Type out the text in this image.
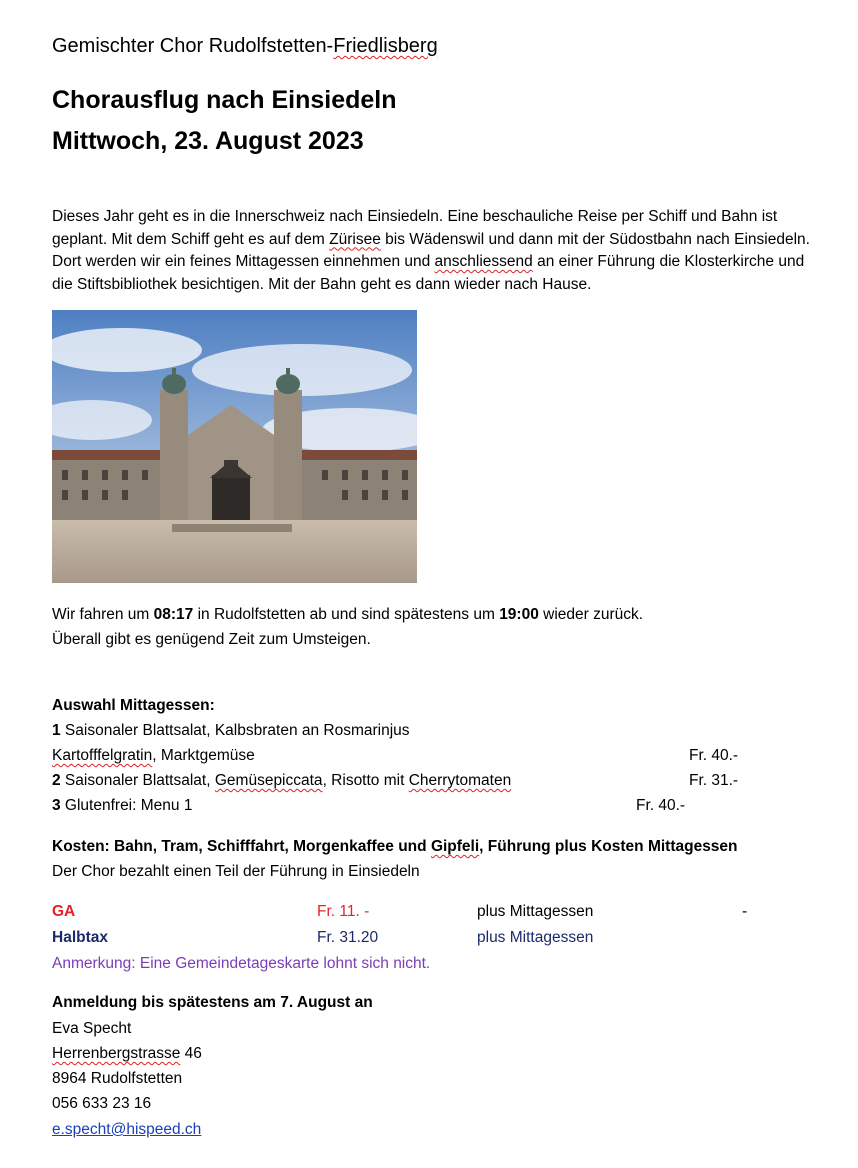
Gemischter Chor Rudolfstetten-Friedlisberg
Chorausflug nach Einsiedeln
Mittwoch, 23. August 2023
Dieses Jahr geht es in die Innerschweiz nach Einsiedeln. Eine beschauliche Reise per Schiff und Bahn ist geplant. Mit dem Schiff geht es auf dem Zürisee bis Wädenswil und dann mit der Südostbahn nach Einsiedeln. Dort werden wir ein feines Mittagessen einnehmen und anschliessend an einer Führung die Klosterkirche und die Stiftsbibliothek besichtigen. Mit der Bahn geht es dann wieder nach Hause.
Wir fahren um 08:17 in Rudolfstetten ab und sind spätestens um 19:00 wieder zurück.
Überall gibt es genügend Zeit zum Umsteigen.
Auswahl Mittagessen:
1 Saisonaler Blattsalat, Kalbsbraten an Rosmarinjus
Kartofffelgratin, Marktgemüse	Fr. 40.-
2 Saisonaler Blattsalat, Gemüsepiccata, Risotto mit Cherrytomaten	Fr. 31.-
3 Glutenfrei: Menu 1	Fr. 40.-
Kosten: Bahn, Tram, Schifffahrt, Morgenkaffee und Gipfeli, Führung plus Kosten Mittagessen
Der Chor bezahlt einen Teil der Führung in Einsiedeln
GA	Fr. 11. -	plus Mittagessen	-
Halbtax	Fr. 31.20	plus Mittagessen
Anmerkung: Eine Gemeindetageskarte lohnt sich nicht.
Anmeldung bis spätestens am 7. August an
Eva Specht
Herrenbergstrasse 46
8964 Rudolfstetten
056 633 23 16
e.specht@hispeed.ch
